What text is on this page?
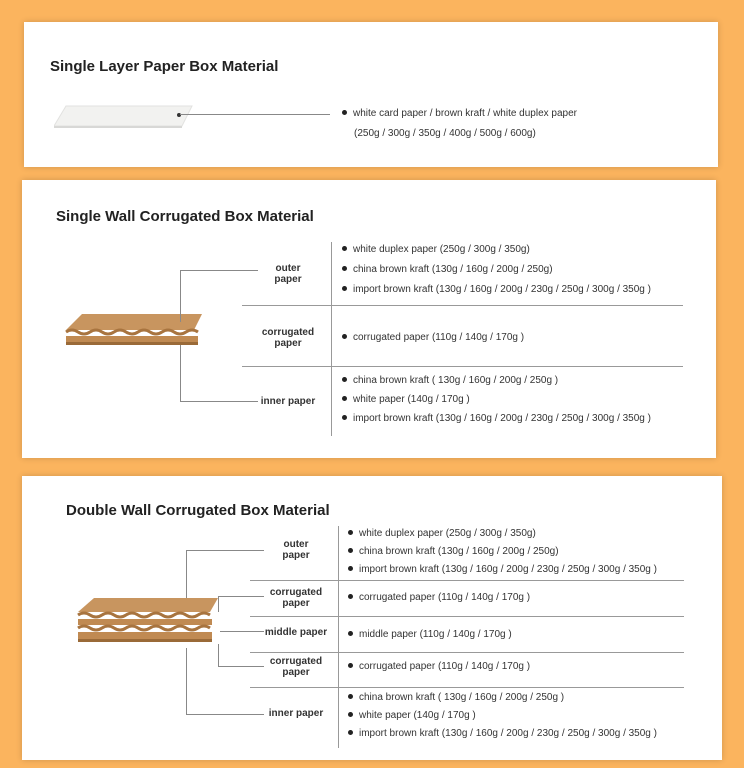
Single Layer Paper Box Material
white card paper / brown kraft / white duplex paper
(250g / 300g / 350g / 400g / 500g / 600g)
Single Wall Corrugated Box Material
outer
paper
corrugated
paper
inner paper
white duplex paper (250g / 300g / 350g)
china brown kraft (130g / 160g / 200g / 250g)
import brown kraft (130g / 160g / 200g / 230g / 250g / 300g / 350g )
corrugated paper (110g / 140g / 170g )
china brown kraft ( 130g / 160g / 200g / 250g )
white paper (140g / 170g )
import brown kraft (130g / 160g / 200g / 230g / 250g / 300g / 350g )
Double Wall Corrugated Box Material
outer
paper
corrugated
paper
middle paper
corrugated
paper
inner paper
white duplex paper (250g / 300g / 350g)
china brown kraft (130g / 160g / 200g / 250g)
import brown kraft (130g / 160g / 200g / 230g / 250g / 300g / 350g )
corrugated paper (110g / 140g / 170g )
middle paper (110g / 140g / 170g )
corrugated paper (110g / 140g / 170g )
china brown kraft ( 130g / 160g / 200g / 250g )
white paper (140g / 170g )
import brown kraft (130g / 160g / 200g / 230g / 250g / 300g / 350g )
